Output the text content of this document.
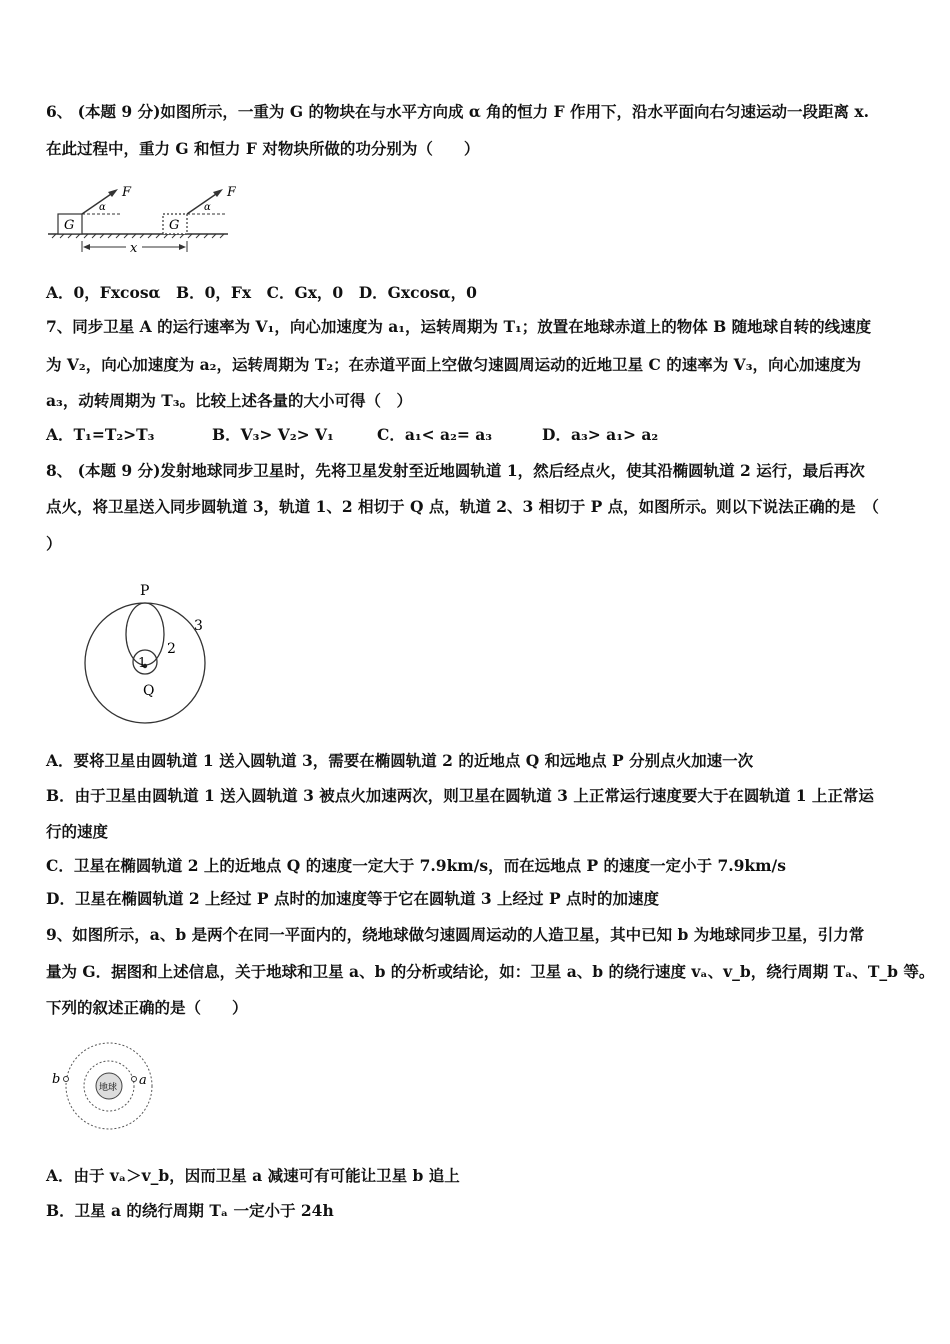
6、 (本题 9 分)如图所示，一重为 G 的物块在与水平方向成 α 角的恒力 F 作用下，沿水平面向右匀速运动一段距离 x.
在此过程中，重力 G 和恒力 F 对物块所做的功分别为（　　）
G
F
α
G
F
α
x
A．0，Fxcosα　B．0，Fx　C．Gx，0　D．Gxcosα，0
7、同步卫星 A 的运行速率为 V₁，向心加速度为 a₁，运转周期为 T₁；放置在地球赤道上的物体 B 随地球自转的线速度
为 V₂，向心加速度为 a₂，运转周期为 T₂；在赤道平面上空做匀速圆周运动的近地卫星 C 的速率为 V₃，向心加速度为
a₃，动转周期为 T₃。比较上述各量的大小可得（　）
A．T₁=T₂>T₃	B．V₃> V₂> V₁	C．a₁< a₂= a₃	D．a₃> a₁> a₂
8、 (本题 9 分)发射地球同步卫星时，先将卫星发射至近地圆轨道 1，然后经点火，使其沿椭圆轨道 2 运行，最后再次
点火，将卫星送入同步圆轨道 3，轨道 1、2 相切于 Q 点，轨道 2、3 相切于 P 点，如图所示。则以下说法正确的是　（
）
P
Q
1
2
3
A．要将卫星由圆轨道 1 送入圆轨道 3，需要在椭圆轨道 2 的近地点 Q 和远地点 P 分别点火加速一次
B．由于卫星由圆轨道 1 送入圆轨道 3 被点火加速两次，则卫星在圆轨道 3 上正常运行速度要大于在圆轨道 1 上正常运
行的速度
C．卫星在椭圆轨道 2 上的近地点 Q 的速度一定大于 7.9km/s，而在远地点 P 的速度一定小于 7.9km/s
D．卫星在椭圆轨道 2 上经过 P 点时的加速度等于它在圆轨道 3 上经过 P 点时的加速度
9、如图所示，a、b 是两个在同一平面内的，绕地球做匀速圆周运动的人造卫星，其中已知 b 为地球同步卫星，引力常
量为 G．据图和上述信息，关于地球和卫星 a、b 的分析或结论，如：卫星 a、b 的绕行速度 vₐ、v_b，绕行周期 Tₐ、T_b 等。
下列的叙述正确的是（　　）
地球 a
b
A．由于 vₐ＞v_b，因而卫星 a 减速可有可能让卫星 b 追上
B．卫星 a 的绕行周期 Tₐ 一定小于 24h
